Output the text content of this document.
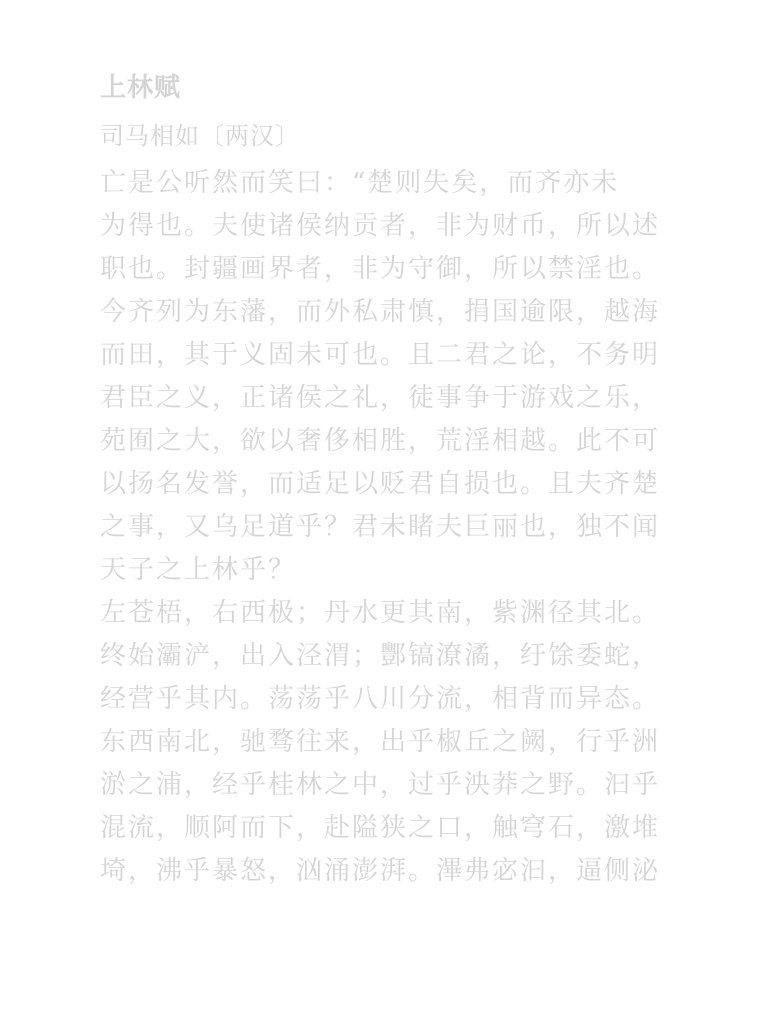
上林赋
司马相如〔两汉〕
亡是公听然而笑曰：“楚则失矣，而齐亦未
为得也。夫使诸侯纳贡者，非为财币，所以述
职也。封疆画界者，非为守御，所以禁淫也。
今齐列为东藩，而外私肃慎，捐国逾限，越海
而田，其于义固未可也。且二君之论，不务明
君臣之义，正诸侯之礼，徒事争于游戏之乐，
苑囿之大，欲以奢侈相胜，荒淫相越。此不可
以扬名发誉，而适足以贬君自损也。且夫齐楚
之事，又乌足道乎？君未睹夫巨丽也，独不闻
天子之上林乎？
左苍梧，右西极；丹水更其南，紫渊径其北。
终始灞浐，出入泾渭；酆镐潦潏，纡馀委蛇，
经营乎其内。荡荡乎八川分流，相背而异态。
东西南北，驰骛往来，出乎椒丘之阙，行乎洲
淤之浦，经乎桂林之中，过乎泱莽之野。汩乎
混流，顺阿而下，赴隘狭之口，触穹石，激堆
埼，沸乎暴怒，汹涌澎湃。滭弗宓汩，逼侧泌
